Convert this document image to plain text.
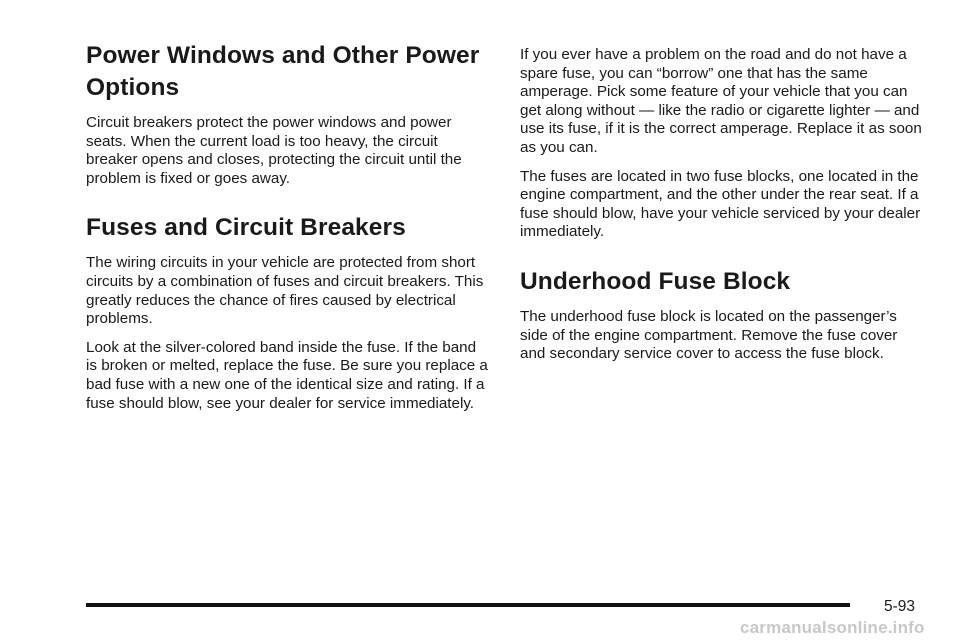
Power Windows and Other Power
Options

Circuit breakers protect the power windows and power seats. When the current load is too heavy, the circuit breaker opens and closes, protecting the circuit until the problem is fixed or goes away.

Fuses and Circuit Breakers

The wiring circuits in your vehicle are protected from short circuits by a combination of fuses and circuit breakers. This greatly reduces the chance of fires caused by electrical problems.

Look at the silver-colored band inside the fuse. If the band is broken or melted, replace the fuse. Be sure you replace a bad fuse with a new one of the identical size and rating. If a fuse should blow, see your dealer for service immediately.

If you ever have a problem on the road and do not have a spare fuse, you can “borrow” one that has the same amperage. Pick some feature of your vehicle that you can get along without — like the radio or cigarette lighter — and use its fuse, if it is the correct amperage. Replace it as soon as you can.

The fuses are located in two fuse blocks, one located in the engine compartment, and the other under the rear seat. If a fuse should blow, have your vehicle serviced by your dealer immediately.

Underhood Fuse Block

The underhood fuse block is located on the passenger’s side of the engine compartment. Remove the fuse cover and secondary service cover to access the fuse block.

5-93
carmanualsonline.info
